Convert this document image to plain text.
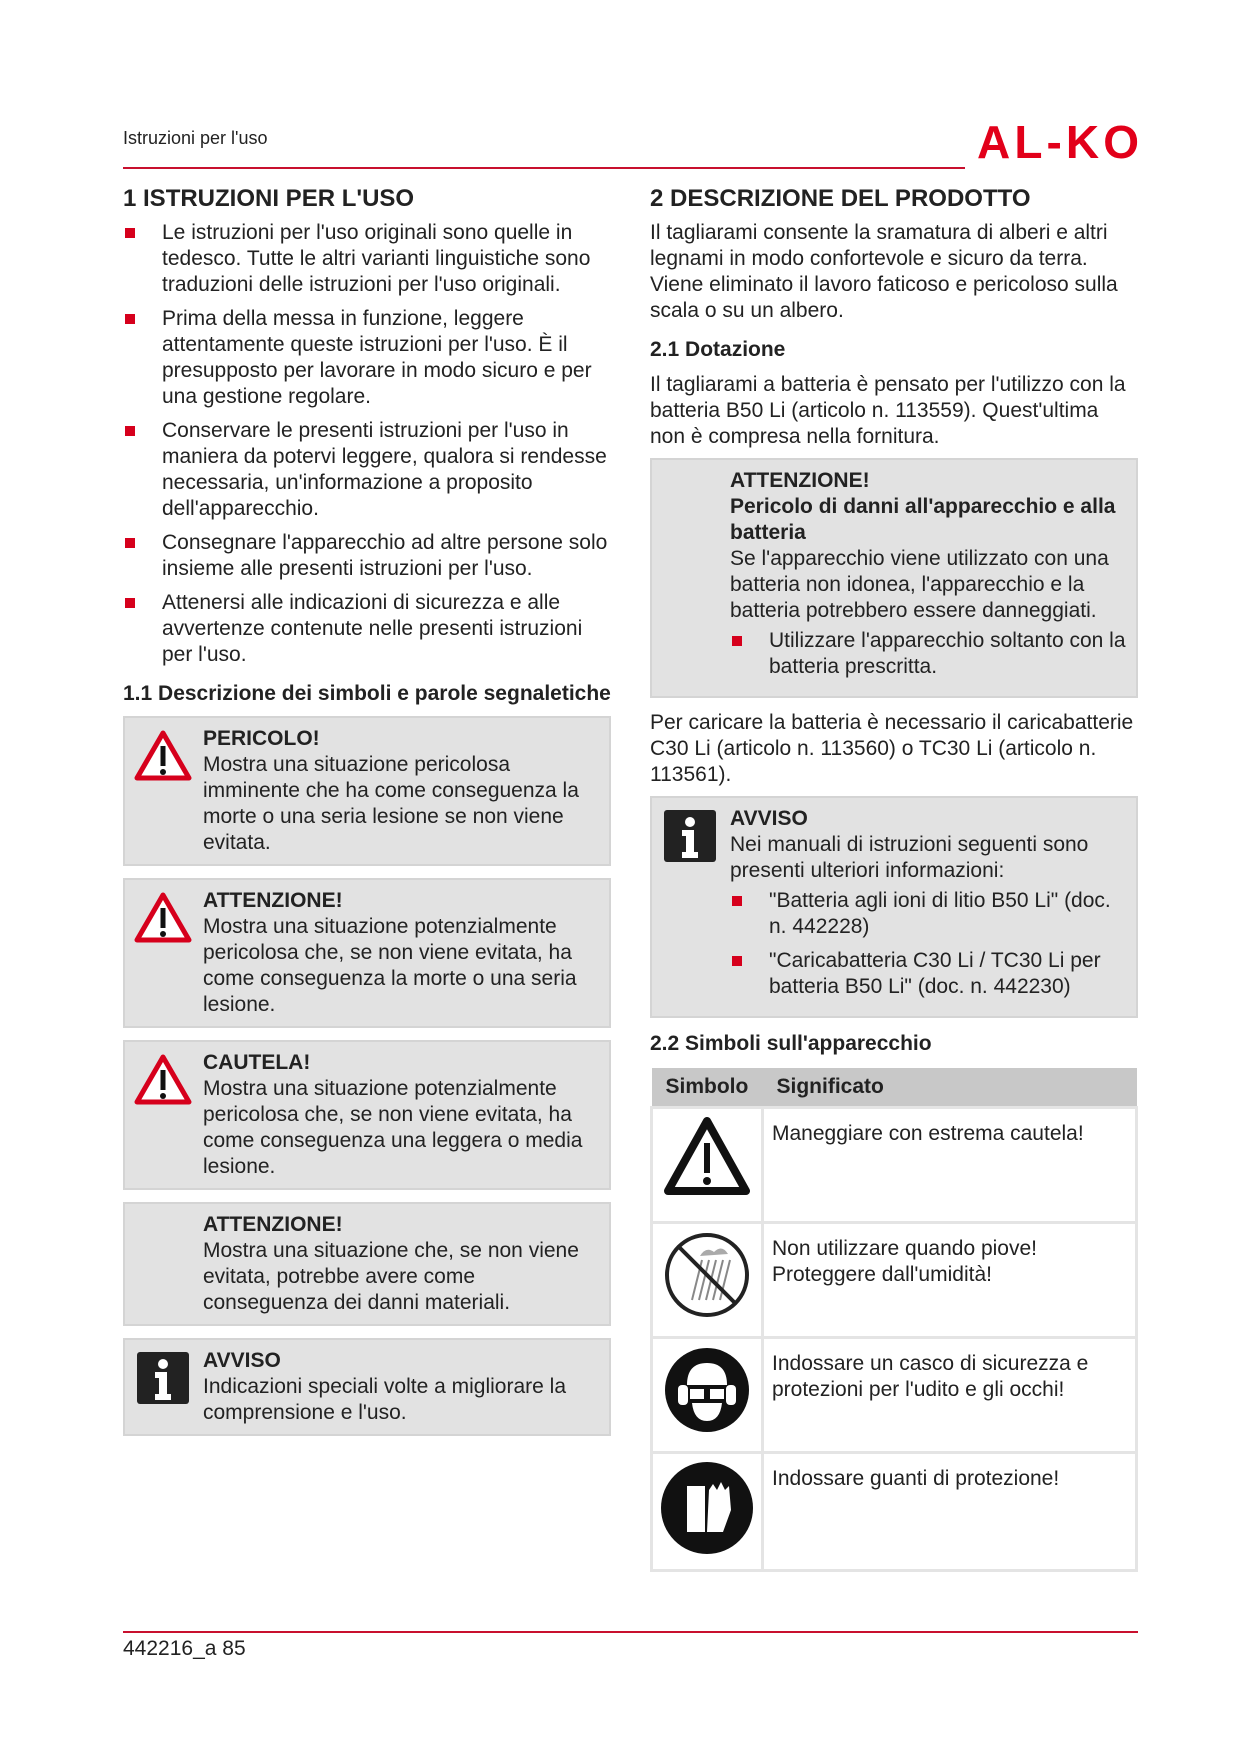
Istruzioni per l'uso	AL-KO
1 ISTRUZIONI PER L'USO
Le istruzioni per l'uso originali sono quelle in tedesco. Tutte le altri varianti linguistiche sono traduzioni delle istruzioni per l'uso originali.
Prima della messa in funzione, leggere attentamente queste istruzioni per l'uso. È il presupposto per lavorare in modo sicuro e per una gestione regolare.
Conservare le presenti istruzioni per l'uso in maniera da potervi leggere, qualora si rendesse necessaria, un'informazione a proposito dell'apparecchio.
Consegnare l'apparecchio ad altre persone solo insieme alle presenti istruzioni per l'uso.
Attenersi alle indicazioni di sicurezza e alle avvertenze contenute nelle presenti istruzioni per l'uso.
1.1 Descrizione dei simboli e parole segnaletiche
PERICOLO!
Mostra una situazione pericolosa imminente che ha come conseguenza la morte o una seria lesione se non viene evitata.
ATTENZIONE!
Mostra una situazione potenzialmente pericolosa che, se non viene evitata, ha come conseguenza la morte o una seria lesione.
CAUTELA!
Mostra una situazione potenzialmente pericolosa che, se non viene evitata, ha come conseguenza una leggera o media lesione.
ATTENZIONE!
Mostra una situazione che, se non viene evitata, potrebbe avere come conseguenza dei danni materiali.
AVVISO
Indicazioni speciali volte a migliorare la comprensione e l'uso.
2 DESCRIZIONE DEL PRODOTTO

Il tagliarami consente la sramatura di alberi e altri legnami in modo confortevole e sicuro da terra. Viene eliminato il lavoro faticoso e pericoloso sulla scala o su un albero.

2.1 Dotazione

Il tagliarami a batteria è pensato per l'utilizzo con la batteria B50 Li (articolo n. 113559). Quest'ultima non è compresa nella fornitura.

ATTENZIONE!
Pericolo di danni all'apparecchio e alla batteria
Se l'apparecchio viene utilizzato con una batteria non idonea, l'apparecchio e la batteria potrebbero essere danneggiati.
Utilizzare l'apparecchio soltanto con la batteria prescritta.

Per caricare la batteria è necessario il caricabatterie C30 Li (articolo n. 113560) o TC30 Li (articolo n. 113561).

AVVISO
Nei manuali di istruzioni seguenti sono presenti ulteriori informazioni:
"Batteria agli ioni di litio B50 Li" (doc. n. 442228)
"Caricabatteria C30 Li / TC30 Li per batteria B50 Li" (doc. n. 442230)
2.2 Simboli sull'apparecchio
Simbolo	Significato
	Maneggiare con estrema cautela!
	Non utilizzare quando piove! Proteggere dall'umidità!
	Indossare un casco di sicurezza e protezioni per l'udito e gli occhi!
	Indossare guanti di protezione!
442216_a 85
